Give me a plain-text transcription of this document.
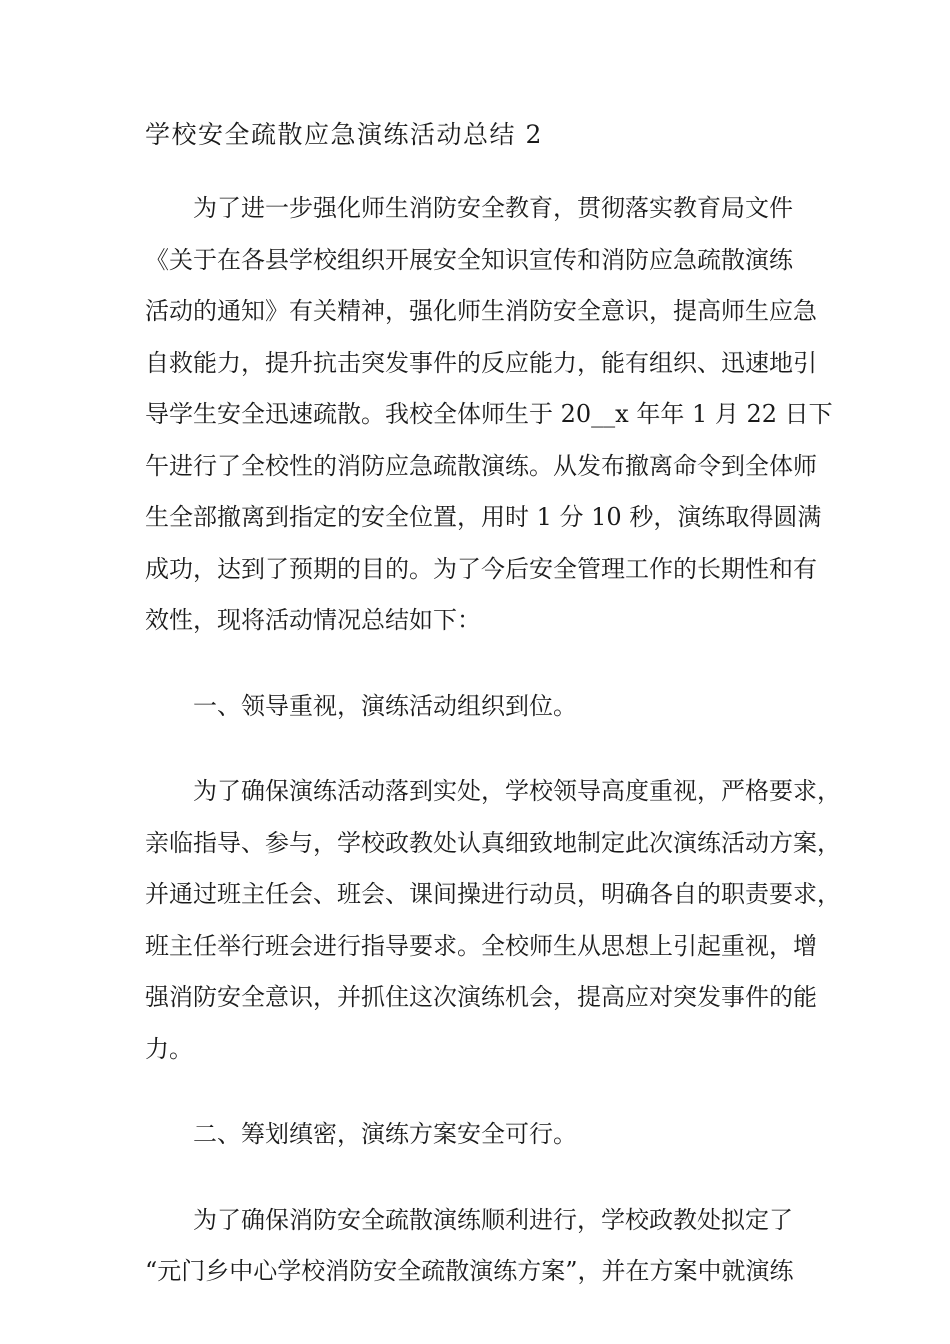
学校安全疏散应急演练活动总结 2
为了进一步强化师生消防安全教育，贯彻落实教育局文件
《关于在各县学校组织开展安全知识宣传和消防应急疏散演练
活动的通知》有关精神，强化师生消防安全意识，提高师生应急
自救能力，提升抗击突发事件的反应能力，能有组织、迅速地引
导学生安全迅速疏散。我校全体师生于 20__x 年年 1 月 22 日下
午进行了全校性的消防应急疏散演练。从发布撤离命令到全体师
生全部撤离到指定的安全位置，用时 1 分 10 秒，演练取得圆满
成功，达到了预期的目的。为了今后安全管理工作的长期性和有
效性，现将活动情况总结如下：
一、领导重视，演练活动组织到位。
为了确保演练活动落到实处，学校领导高度重视，严格要求，
亲临指导、参与，学校政教处认真细致地制定此次演练活动方案，
并通过班主任会、班会、课间操进行动员，明确各自的职责要求，
班主任举行班会进行指导要求。全校师生从思想上引起重视，增
强消防安全意识，并抓住这次演练机会，提高应对突发事件的能
力。
二、筹划缜密，演练方案安全可行。
为了确保消防安全疏散演练顺利进行，学校政教处拟定了
“元门乡中心学校消防安全疏散演练方案”，并在方案中就演练
